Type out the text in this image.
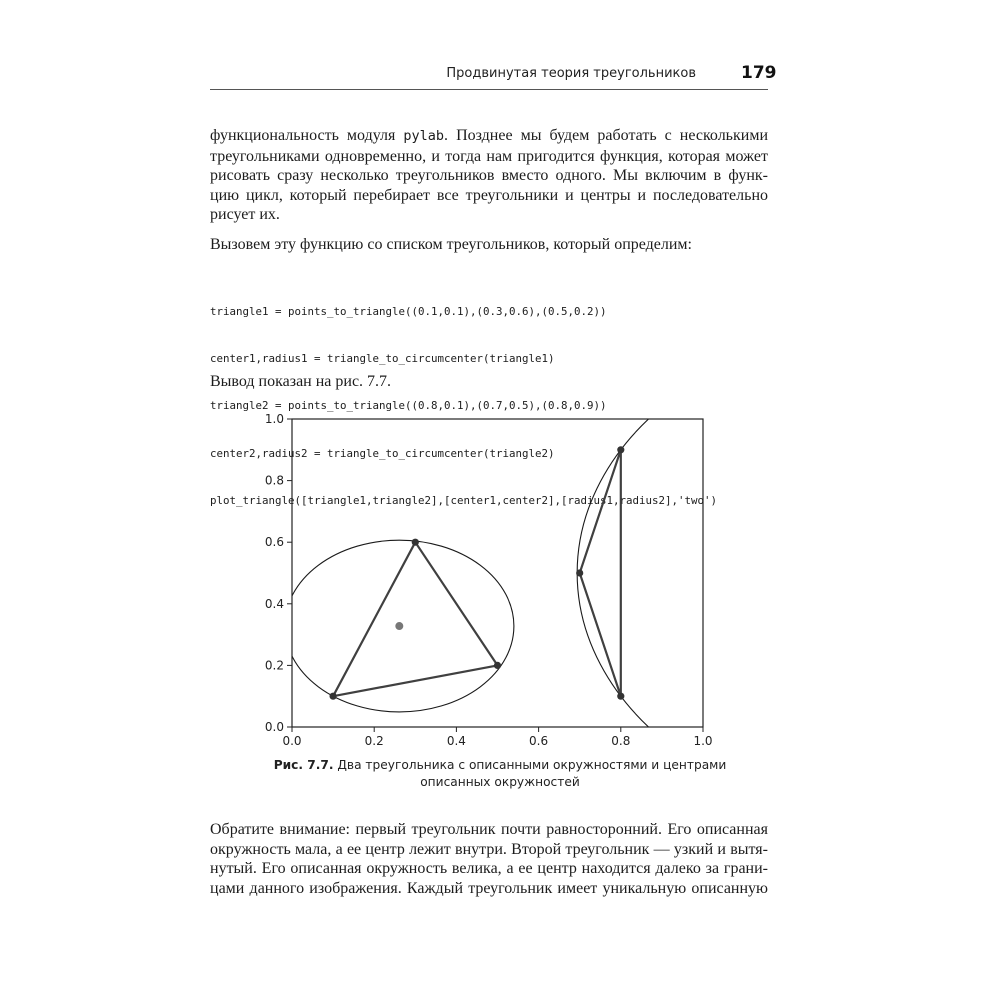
Продвинутая теория треугольников	179
функциональность модуля pylab. Позднее мы будем работать с несколькими
треугольниками одновременно, и тогда нам пригодится функция, которая может
рисовать сразу несколько треугольников вместо одного. Мы включим в функ-
цию цикл, который перебирает все треугольники и центры и последовательно
рисует их.
Вызовем эту функцию со списком треугольников, который определим:

triangle1 = points_to_triangle((0.1,0.1),(0.3,0.6),(0.5,0.2))

center1,radius1 = triangle_to_circumcenter(triangle1)

triangle2 = points_to_triangle((0.8,0.1),(0.7,0.5),(0.8,0.9))

center2,radius2 = triangle_to_circumcenter(triangle2)

plot_triangle([triangle1,triangle2],[center1,center2],[radius1,radius2],'two')

Вывод показан на рис. 7.7.
0.0	0.2	0.4	0.6	0.8	1.0
0.0
0.2
0.4
0.6
0.8
1.0
Рис. 7.7. Два треугольника с описанными окружностями и центрами описанных окружностей
Обратите внимание: первый треугольник почти равносторонний. Его описанная
окружность мала, а ее центр лежит внутри. Второй треугольник — узкий и вытя-
нутый. Его описанная окружность велика, а ее центр находится далеко за грани-
цами данного изображения. Каждый треугольник имеет уникальную описанную
